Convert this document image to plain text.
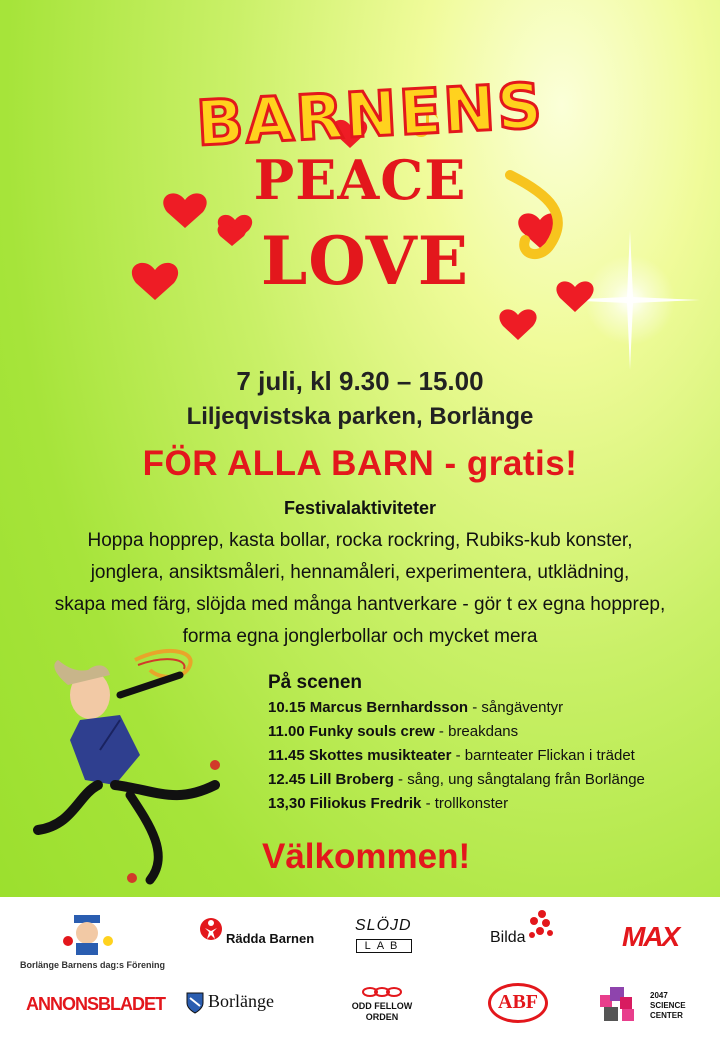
BARNENS
PEACE
LOVE
7 juli, kl 9.30 – 15.00
Liljeqvistska parken, Borlänge
FÖR ALLA BARN - gratis!
Festivalaktiviteter
Hoppa hopprep, kasta bollar, rocka rockring, Rubiks-kub konster,
jonglera, ansiktsmåleri, hennamåleri, experimentera, utklädning,
skapa med färg, slöjda med många hantverkare - gör t ex egna hopprep,
forma egna jonglerbollar och mycket mera
På scenen
10.15 Marcus Bernhardsson - sångäventyr
11.00 Funky souls crew - breakdans
11.45 Skottes musikteater - barnteater Flickan i trädet
12.45 Lill Broberg - sång, ung sångtalang från Borlänge
13,30 Filiokus Fredrik - trollkonster
Välkommen!
Borlänge Barnens dag:s Förening
Rädda Barnen
SLÖJD
LAB	Bilda	MAX
ANNONSBLADET Borlänge	ODD FELLOW
ORDEN
ABF	2047
SCIENCE
CENTER
